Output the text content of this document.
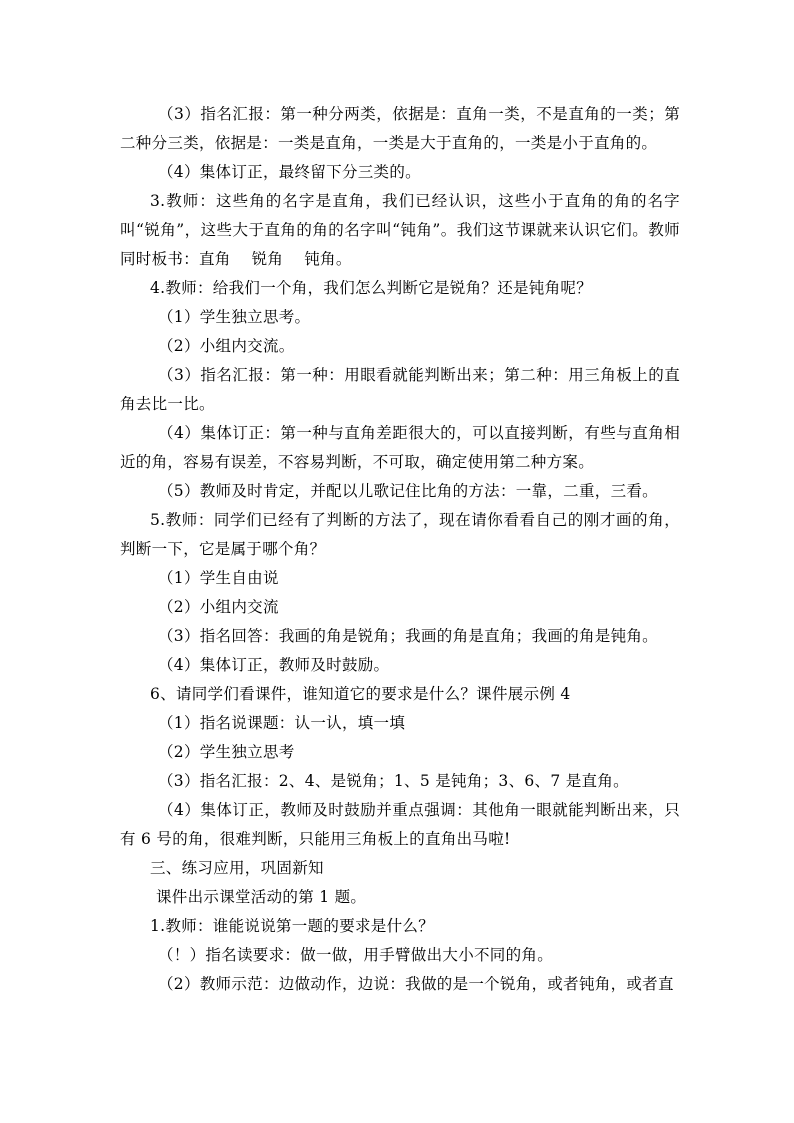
（3）指名汇报：第一种分两类，依据是：直角一类，不是直角的一类；第二种分三类，依据是：一类是直角，一类是大于直角的，一类是小于直角的。

（4）集体订正，最终留下分三类的。

3.教师：这些角的名字是直角，我们已经认识，这些小于直角的角的名字叫“锐角”，这些大于直角的角的名字叫“钝角”。我们这节课就来认识它们。教师同时板书：直角　 锐角　 钝角。

4.教师：给我们一个角，我们怎么判断它是锐角？还是钝角呢？

（1）学生独立思考。

（2）小组内交流。

（3）指名汇报：第一种：用眼看就能判断出来；第二种：用三角板上的直角去比一比。

（4）集体订正：第一种与直角差距很大的，可以直接判断，有些与直角相近的角，容易有误差，不容易判断，不可取，确定使用第二种方案。

（5）教师及时肯定，并配以儿歌记住比角的方法：一靠，二重，三看。

5.教师：同学们已经有了判断的方法了，现在请你看看自己的刚才画的角，判断一下，它是属于哪个角？

（1）学生自由说

（2）小组内交流

（3）指名回答：我画的角是锐角；我画的角是直角；我画的角是钝角。

（4）集体订正，教师及时鼓励。

6、请同学们看课件，谁知道它的要求是什么？课件展示例 4

（1）指名说课题：认一认，填一填

（2）学生独立思考

（3）指名汇报：2、4、是锐角；1、5 是钝角；3、6、7 是直角。

（4）集体订正，教师及时鼓励并重点强调：其他角一眼就能判断出来，只有 6 号的角，很难判断，只能用三角板上的直角出马啦!

三、练习应用，巩固新知

课件出示课堂活动的第 1 题。

1.教师：谁能说说第一题的要求是什么？

（！）指名读要求：做一做，用手臂做出大小不同的角。

（2）教师示范：边做动作，边说：我做的是一个锐角，或者钝角，或者直
